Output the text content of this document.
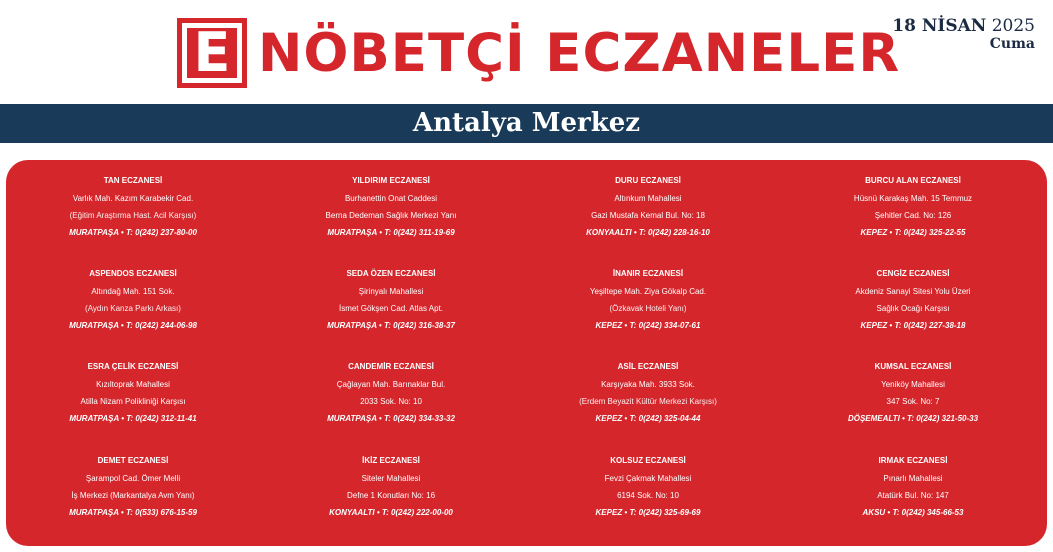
E NÖBETÇİ ECZANELER
18 NİSAN 2025
Cuma
Antalya Merkez
TAN ECZANESİ
Varlık Mah. Kazım Karabekir Cad.
(Eğitim Araştırma Hast. Acil Karşısı)
MURATPAŞA • T: 0(242) 237-80-00
ASPENDOS ECZANESİ
Altındağ Mah. 151 Sok.
(Aydın Kanza Parkı Arkası)
MURATPAŞA • T: 0(242) 244-06-98
ESRA ÇELİK ECZANESİ
Kızıltoprak Mahallesi
Atilla Nizam Polikliniği Karşısı
MURATPAŞA • T: 0(242) 312-11-41
DEMET ECZANESİ
Şarampol Cad. Ömer Melli
İş Merkezi (Markantalya Avm Yanı)
MURATPAŞA • T: 0(533) 676-15-59
YILDIRIM ECZANESİ
Burhanettin Onat Caddesi
Berna Dedeman Sağlık Merkezi Yanı
MURATPAŞA • T: 0(242) 311-19-69
SEDA ÖZEN ECZANESİ
Şirinyalı Mahallesi
İsmet Gökşen Cad. Atlas Apt.
MURATPAŞA • T: 0(242) 316-38-37
CANDEMİR ECZANESİ
Çağlayan Mah. Barınaklar Bul.
2033 Sok. No: 10
MURATPAŞA • T: 0(242) 334-33-32
İKİZ ECZANESİ
Siteler Mahallesi
Defne 1 Konutları No: 16
KONYAALTI • T: 0(242) 222-00-00
DURU ECZANESİ
Altınkum Mahallesi
Gazi Mustafa Kemal Bul. No: 18
KONYAALTI • T: 0(242) 228-16-10
İNANIR ECZANESİ
Yeşiltepe Mah. Ziya Gökalp Cad.
(Özkavak Hoteli Yanı)
KEPEZ • T: 0(242) 334-07-61
ASİL ECZANESİ
Karşıyaka Mah. 3933 Sok.
(Erdem Beyazit Kültür Merkezi Karşısı)
KEPEZ • T: 0(242) 325-04-44
KOLSUZ ECZANESİ
Fevzi Çakmak Mahallesi
6194 Sok. No: 10
KEPEZ • T: 0(242) 325-69-69
BURCU ALAN ECZANESİ
Hüsnü Karakaş Mah. 15 Temmuz
Şehitler Cad. No: 126
KEPEZ • T: 0(242) 325-22-55
CENGİZ ECZANESİ
Akdeniz Sanayi Sitesi Yolu Üzeri
Sağlık Ocağı Karşısı
KEPEZ • T: 0(242) 227-38-18
KUMSAL ECZANESİ
Yeniköy Mahallesi
347 Sok. No: 7
DÖŞEMEALTI • T: 0(242) 321-50-33
IRMAK ECZANESİ
Pınarlı Mahallesi
Atatürk Bul. No: 147
AKSU • T: 0(242) 345-66-53
